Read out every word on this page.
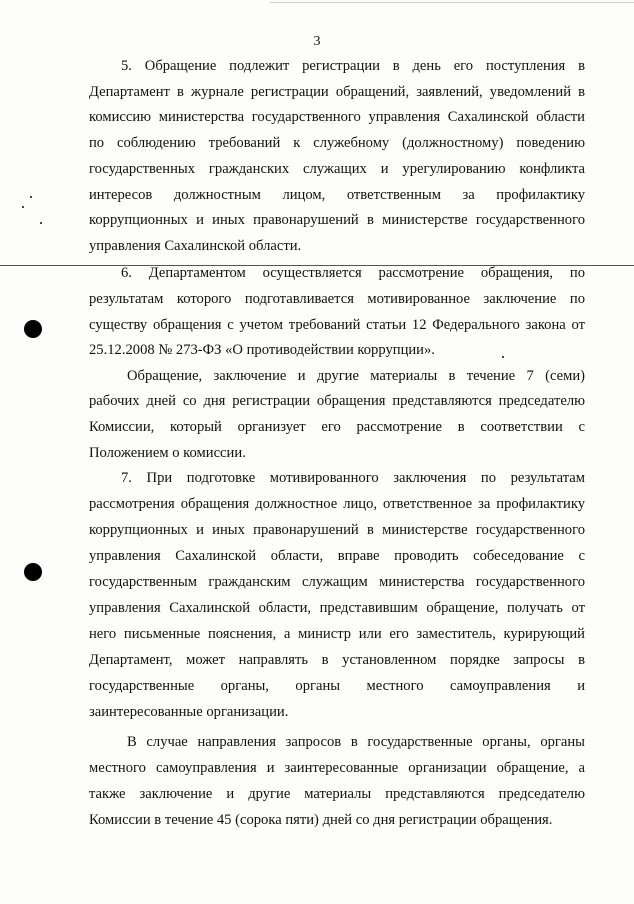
3
5. Обращение подлежит регистрации в день его поступления в
Департамент в журнале регистрации обращений, заявлений, уведомлений в
комиссию министерства государственного управления Сахалинской области
по соблюдению требований к служебному (должностному) поведению
государственных гражданских служащих и урегулированию конфликта
интересов должностным лицом, ответственным за профилактику
коррупционных и иных правонарушений в министерстве государственного
управления Сахалинской области.
6. Департаментом осуществляется рассмотрение обращения, по
результатам которого подготавливается мотивированное заключение по
существу обращения с учетом требований статьи 12 Федерального закона от
25.12.2008 № 273-ФЗ «О противодействии коррупции».
Обращение, заключение и другие материалы в течение 7 (семи)
рабочих дней со дня регистрации обращения представляются председателю
Комиссии, который организует его рассмотрение в соответствии с
Положением о комиссии.
7. При подготовке мотивированного заключения по результатам
рассмотрения обращения должностное лицо, ответственное за профилактику
коррупционных и иных правонарушений в министерстве государственного
управления Сахалинской области, вправе проводить собеседование с
государственным гражданским служащим министерства государственного
управления Сахалинской области, представившим обращение, получать от
него письменные пояснения, а министр или его заместитель, курирующий
Департамент, может направлять в установленном порядке запросы в
государственные органы, органы местного самоуправления и
заинтересованные организации.
В случае направления запросов в государственные органы, органы
местного самоуправления и заинтересованные организации обращение, а
также заключение и другие материалы представляются председателю
Комиссии в течение 45 (сорока пяти) дней со дня регистрации обращения.
